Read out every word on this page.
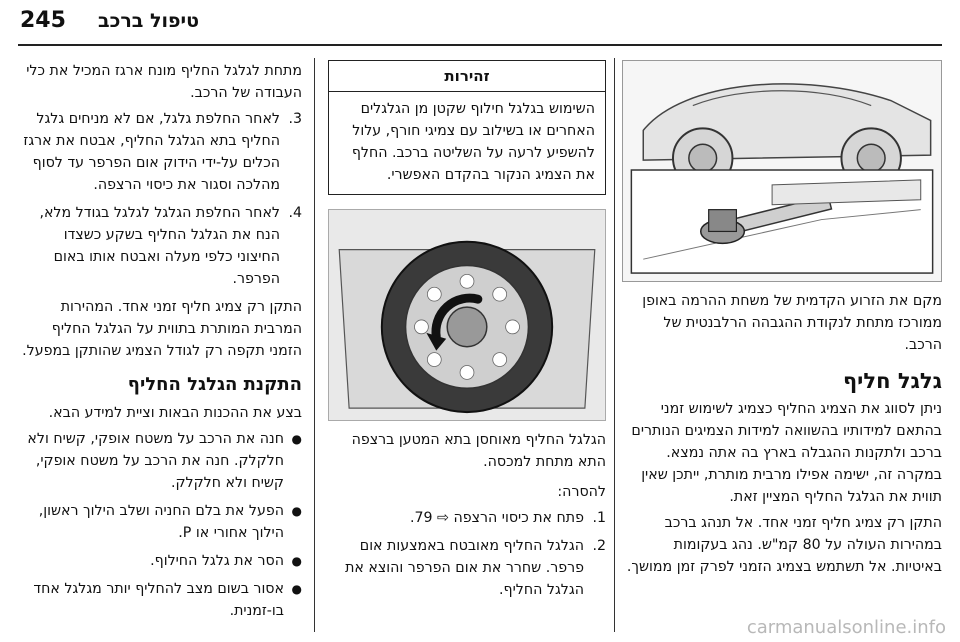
245 טיפול ברכב
מקם את הזרוע הקדמית של משחת ההרמה באופן ממורכז מתחת לנקודת ההגבהה הרלבנטית של הרכב.
גלגל חליף
ניתן לסווג את הצמיג החליף כצמיג לשימוש זמני בהתאם למידותיו בהשוואה למידות הצמיגים הנותרים ברכב ולתקנות ההגבלה בארץ בה אתה נמצא. במקרה זה, ישימה אפילו מרבית מותרת, ייתכן שאין תווית את הגלגל החליף המציין זאת.
התקן רק צמיג חליף זמני אחד. אל תנהג ברכב במהירות העולה על 80 קמ"ש. נהג בעקומות באיטיות. אל תשתמש בצמיג הזמני לפרק זמן ממושך.
זהירות
השימוש בגלגל חילוף שקטן מן הגלגלים האחרים או בשילוב עם צמיגי חורף, עלול להשפיע לרעה על השליטה ברכב. החלף את הצמיג הנקור בהקדם האפשרי.
הגלגל החליף מאוחסן בתא המטען ברצפה התא מתחת למכסה.
להסרה:
1.
פתח את כיסוי הרצפה ⇨ 79.
2.
הגלגל החליף מאובטח באמצעות אום פרפר. שחרר את אום הפרפר והוצא את הגלגל החליף.
מתחת לגלגל החליף מונח ארגז המכיל את כלי העבודה של הרכב.
3.
לאחר החלפת גלגל, אם לא מניחים גלגל החליף בתא הגלגל החליף, אבטח את ארגז הכלים על-ידי הידוק אום הפרפר עד לסוף מהלכה וסגור את כיסוי הרצפה.
4.
לאחר החלפת הגלגל לגלגל בגודל מלא, הנח את הגלגל החליף בשקע כשצדו החיצוני כלפי מעלה ואבטח אותו באום הפרפר.
התקן רק צמיג חליף זמני אחד. המהירות המרבית המותרת בתווית על הגלגל החליף הזמני תקפה רק לגודל הצמיג שהותקן במפעל.
התקנת הגלגל החליף
בצע את ההכנות הבאות וציית למידע הבא.
●
חנה את הרכב על משטח אופקי, קשיח ולא חלקלק. חנה את הרכב על משטח אופקי, קשיח ולא חלקלק.
●
הפעל את בלם החניה ושלב הילוך ראשון, הילוך אחורי או P.
●
הסר את גלגל החילוף.
●
אסור בשום מצב להחליף יותר מגלגל אחד בו-זמנית.
carmanualsonline.info
